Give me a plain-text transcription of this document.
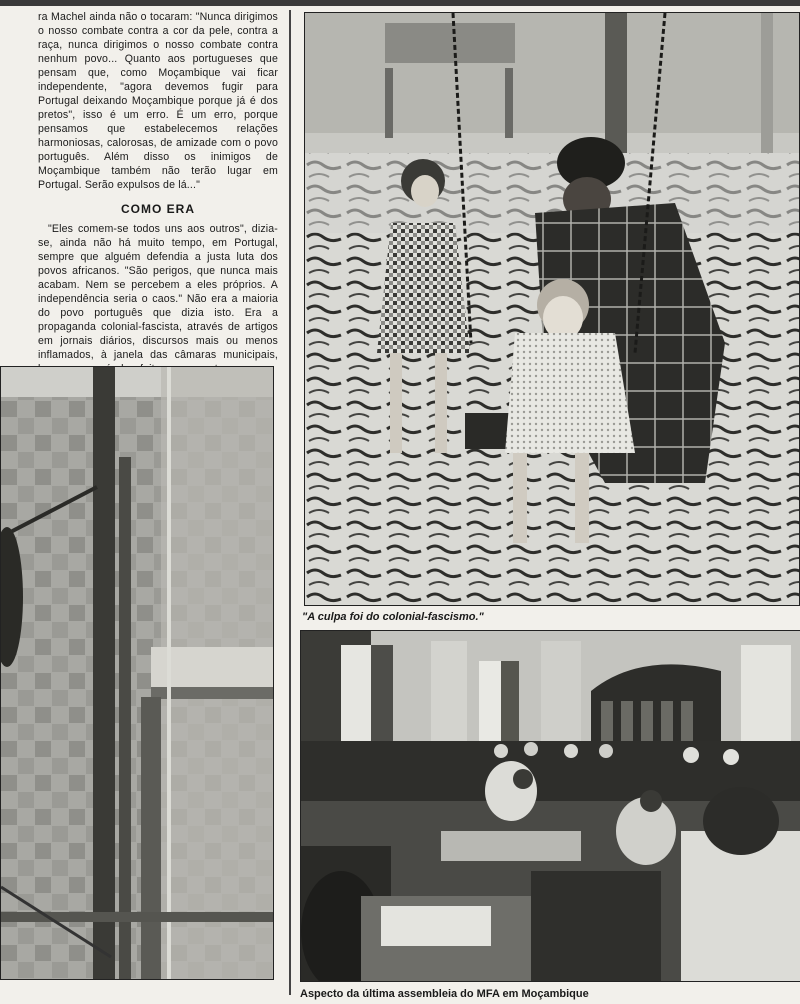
ra Machel ainda não o tocaram: "Nunca dirigimos o nosso combate contra a cor da pele, contra a raça, nunca dirigimos o nosso combate contra nenhum povo... Quanto aos portugueses que pensam que, como Moçambique vai ficar independente, "agora devemos fugir para Portugal deixando Moçambique porque já é dos pretos", isso é um erro. É um erro, porque pensamos que estabelecemos relações harmoniosas, calorosas, de amizade com o povo português. Além disso os inimigos de Moçambique também não terão lugar em Portugal. Serão expulsos de lá..."

COMO ERA

"Eles comem-se todos uns aos outros", dizia-se, ainda não há muito tempo, em Portugal, sempre que alguém defendia a justa luta dos povos africanos. "São perigos, que nunca mais acabam. Nem se percebem a eles próprios. A independência seria o caos." Não era a maioria do povo português que dizia isto. Era a propaganda colonial-fascista, através de artigos em jornais diários, discursos mais ou menos inflamados, à janela das câmaras municipais,

"A culpa foi do colonial-fascismo."
Aspecto da última assembleia do MFA em Moçambique
